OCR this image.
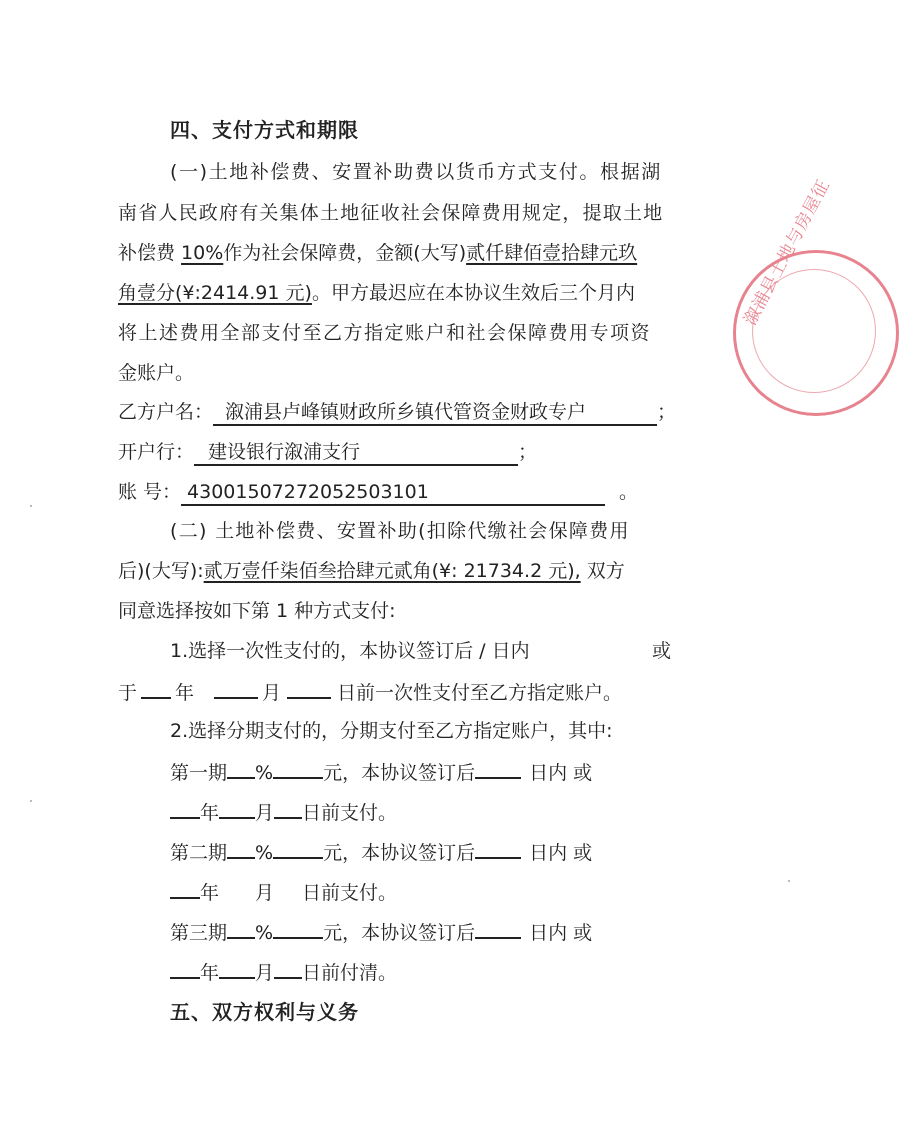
四、支付方式和期限
(一)土地补偿费、安置补助费以货币方式支付。根据湖
南省人民政府有关集体土地征收社会保障费用规定，提取土地
补偿费 10%作为社会保障费，金额(大写)贰仟肆佰壹拾肆元玖
角壹分(¥:2414.91 元)。甲方最迟应在本协议生效后三个月内
将上述费用全部支付至乙方指定账户和社会保障费用专项资
金账户。
乙方户名： 溆浦县卢峰镇财政所乡镇代管资金财政专户	；
开户行： 建设银行溆浦支行	；
账 号： 43001507272052503101	。
(二) 土地补偿费、安置补助(扣除代缴社会保障费用
后)(大写):贰万壹仟柒佰叁拾肆元贰角(¥: 21734.2 元), 双方
同意选择按如下第 1 种方式支付:
1.选择一次性支付的，本协议签订后 / 日内	或
于 年	月	日前一次性支付至乙方指定账户。
2.选择分期支付的，分期支付至乙方指定账户，其中:
第一期 %	元，本协议签订后	日内 或
年 月 日前支付。
第二期 %	元，本协议签订后	日内 或
年 月 日前支付。
第三期 %	元，本协议签订后	日内 或
年 月 日前付清。
五、双方权利与义务
溆浦县土地与房屋征
